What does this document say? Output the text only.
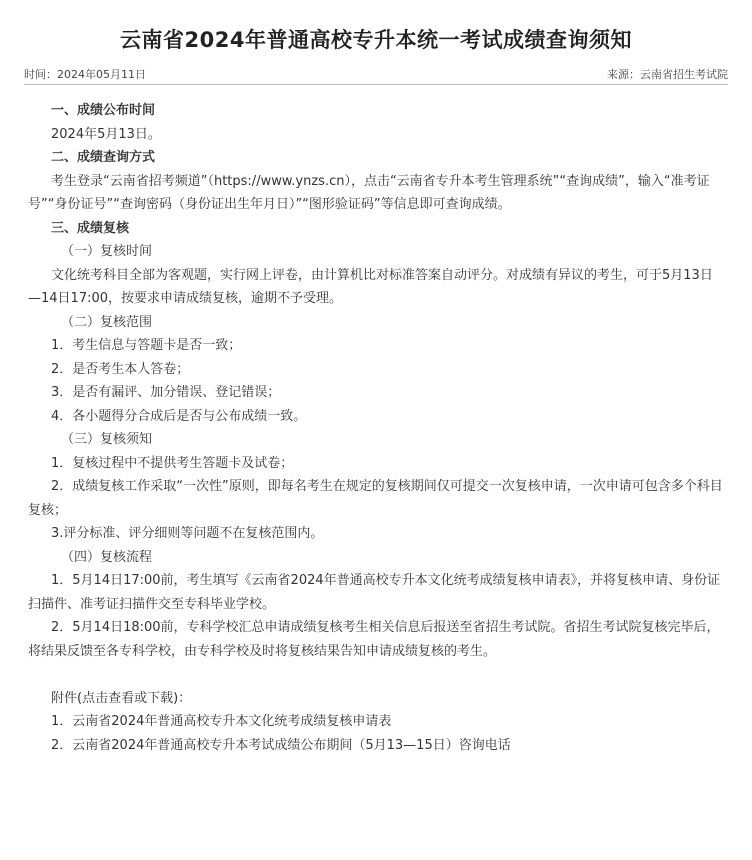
云南省2024年普通高校专升本统一考试成绩查询须知
时间：2024年05月11日	来源：云南省招生考试院

一、成绩公布时间

2024年5月13日。

二、成绩查询方式

考生登录“云南省招考频道”（https://www.ynzs.cn），点击“云南省专升本考生管理系统”“查询成绩”，输入“准考证号”“身份证号”“查询密码（身份证出生年月日）”“图形验证码”等信息即可查询成绩。

三、成绩复核

（一）复核时间

文化统考科目全部为客观题，实行网上评卷，由计算机比对标准答案自动评分。对成绩有异议的考生，可于5月13日—14日17:00，按要求申请成绩复核，逾期不予受理。

（二）复核范围

1．考生信息与答题卡是否一致；

2．是否考生本人答卷；

3．是否有漏评、加分错误、登记错误；

4．各小题得分合成后是否与公布成绩一致。

（三）复核须知

1．复核过程中不提供考生答题卡及试卷；

2．成绩复核工作采取“一次性”原则，即每名考生在规定的复核期间仅可提交一次复核申请，一次申请可包含多个科目复核；

3.评分标准、评分细则等问题不在复核范围内。

（四）复核流程

1．5月14日17:00前，考生填写《云南省2024年普通高校专升本文化统考成绩复核申请表》，并将复核申请、身份证扫描件、准考证扫描件交至专科毕业学校。

2．5月14日18:00前，专科学校汇总申请成绩复核考生相关信息后报送至省招生考试院。省招生考试院复核完毕后，将结果反馈至各专科学校，由专科学校及时将复核结果告知申请成绩复核的考生。

附件(点击查看或下载)：

1．云南省2024年普通高校专升本文化统考成绩复核申请表

2．云南省2024年普通高校专升本考试成绩公布期间（5月13—15日）咨询电话
